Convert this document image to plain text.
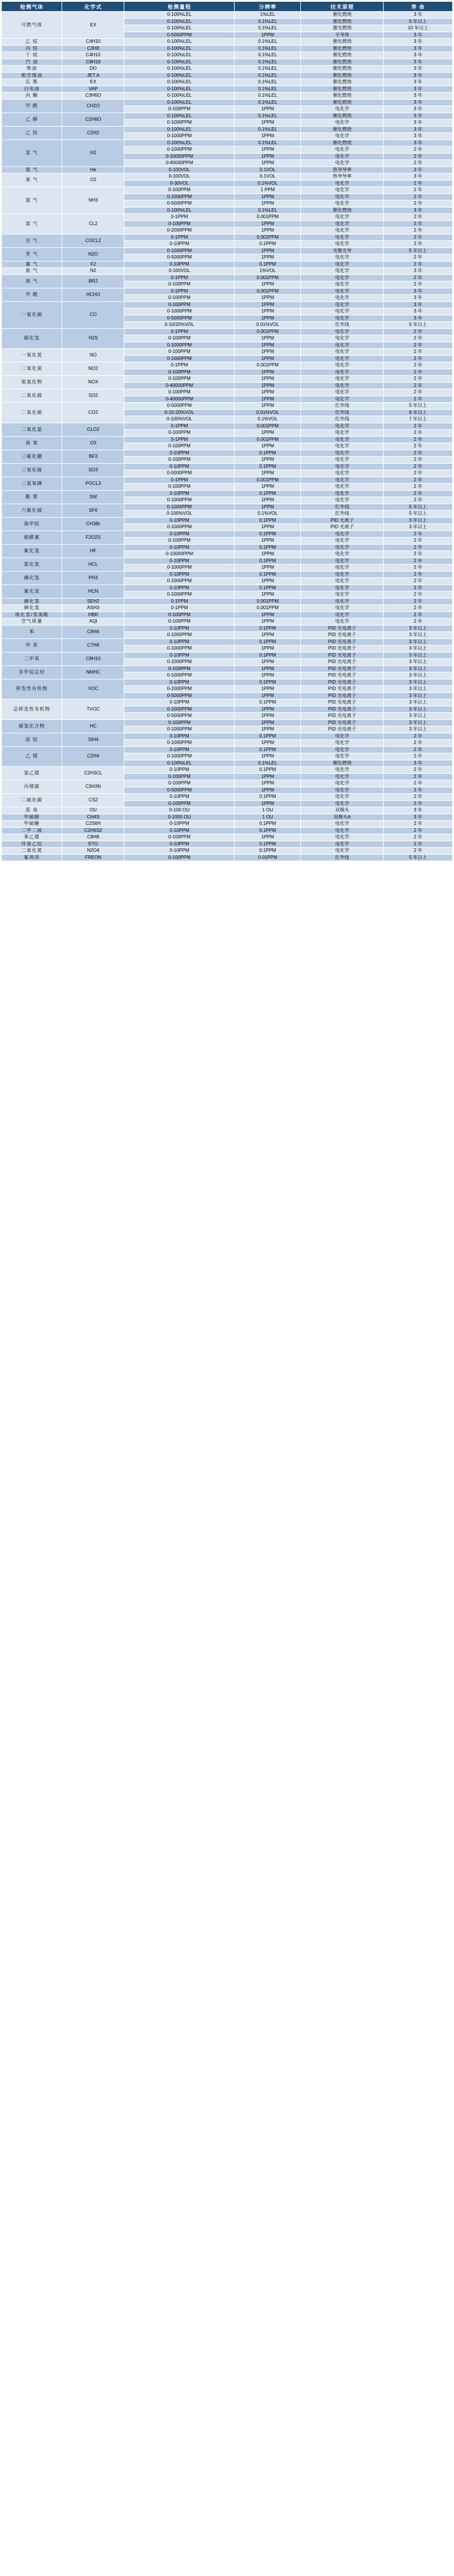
检测气体	化学式	检测量程	分辨率	技术原理	寿 命
可燃气体	EX	0-100%LEL	1%LEL	催化燃烧	3 年
		0-100%LEL	0.1%LEL	催化燃烧	5 年以上
		0-100%LEL	0.1%LEL	激光燃烧	10 年以上
		0-5000PPM	1PPM	半导体	3 年
乙 烷	C4H10	0-100%LEL	0.1%LEL	催化燃烧	3 年
丙 烷	C3H8	0-100%LEL	0.1%LEL	催化燃烧	3 年
丁 烷	C4H10	0-100%LEL	0.1%LEL	催化燃烧	3 年
汽 油	C8H18	0-100%LEL	0.1%LEL	催化燃烧	3 年
柴油	DO	0-100%LEL	0.1%LEL	催化燃烧	3 年
航空煤油	JET A	0-100%LEL	0.1%LEL	催化燃烧	3 年
瓦 斯	EX	0-100%LEL	0.1%LEL	催化燃烧	3 年
白电油	VAP	0-100%LEL	0.1%LEL	催化燃烧	3 年
丙 酮	C3H6O	0-100%LEL	0.1%LEL	催化燃烧	3 年
甲 醛	CH2O	0-100%LEL	0.1%LEL	催化燃烧	3 年
		0-100PPM	1PPM	电化学	3 年
乙 醇	C2H6O	0-100%LEL	0.1%LEL	催化燃烧	3 年
		0-1000PPM	1PPM	电化学	3 年
乙 炔	C2H2	0-100%LEL	0.1%LEL	催化燃烧	3 年
		0-1000PPM	1PPM	电化学	3 年
氢 气	H2	0-100%LEL	0.1%LEL	催化燃烧	3 年
		0-1000PPM	1PPM	电化学	2 年
		0-10000PPM	1PPM	电化学	2 年
		0-40000PPM	1PPM	电化学	2 年
氦 气	He	0-100VOL	0.1VOL	热导导率	3 年
氧 气	O2	0-100VOL	0.1VOL	热导导率	3 年
		0-30VOL	0.1%VOL	电化学	2 年
氨 气	NH3	0-100PPM	1 PPM	电化学	2 年
		0-1000PPM	1PPM	电化学	2 年
		0-5000PPM	1PPM	电化学	2 年
		0-100%LEL	0.1%LEL	催化燃烧	3 年
氯 气	CL2	0-1PPM	0.001PPM	电化学	2 年
		0-100PPM	1PPM	电化学	2 年
		0-2000PPM	1PPM	电化学	2 年
光 气	COCL2	0-1PPM	0.001PPM	电化学	2 年
		0-10PPM	0.1PPM	电化学	2 年
笑 气	N2O	0-1000PPM	1PPM	光聚光导	5 年以上
		0-5000PPM	1PPM	电化学	2 年
氟 气	F2	0-10PPM	0.1PPM	电化学	2 年
氮 气	N2	0-100VOL	1%VOL	电化学	3 年
溴 气	BR2	0-1PPM	0.001PPM	电化学	2 年
		0-100PPM	1PPM	电化学	2 年
甲 醛	HCHO	0-1PPM	0.001PPM	电化学	3 年
		0-100PPM	1PPM	电化学	3 年
一氧化碳	CO	0-100PPM	1PPM	电化学	3 年
		0-1000PPM	1PPM	电化学	3 年
		0-5000PPM	1PPM	电化学	3 年
		0-10/20%VOL	0.01%VOL	红外线	5 年以上
硫化氢	H2S	0-1PPM	0.001PPM	电化学	2 年
		0-100PPM	1PPM	电化学	2 年
		0-1000PPM	1PPM	电化学	2 年
一氧化氮	NO	0-100PPM	1PPM	电化学	2 年
		0-1000PPM	1PPM	电化学	2 年
二氧化氮	NO2	0-1PPM	0.001PPM	电化学	2 年
		0-100PPM	1PPM	电化学	2 年
氮氧化物	NOX	0-100PPM	1PPM	电化学	2 年
		0-40000PPM	1PPM	电化学	2 年
二氧化硫	SO2	0-100PPM	1PPM	电化学	2 年
		0-40000PPM	1PPM	电化学	2 年
二氧化碳	CO2	0-5000PPM	1PPM	红外线	5 年以上
		0-10-20%VOL	0.01%VOL	红外线	6 年以上
		0-100%VOL	0.1%VOL	红外线	7 年以上
二氧化氯	CLO2	0-1PPM	0.001PPM	电化学	2 年
		0-100PPM	1PPM	电化学	2 年
臭 氧	O3	0-1PPM	0.001PPM	电化学	2 年
		0-100PPM	1PPM	电化学	2 年
三氟化硼	BF3	0-10PPM	0.1PPM	电化学	2 年
		0-100PPM	1PPM	电化学	2 年
三氧化硫	SO3	0-10PPM	0.1PPM	电化学	2 年
		0-5000PPM	1PPM	电化学	2 年
三氯氧磷	POCL3	0-1PPM	0.001PPM	电化学	2 年
		0-100PPM	1PPM	电化学	2 年
酸 雾	SW	0-10PPM	0.1PPM	电化学	2 年
		0-1000PPM	1PPM	电化学	2 年
六氟化硫	SF6	0-1000PPM	1PPM	红外线	5 年以上
		0-100%VOL	0.1%VOL	红外线	5 年以上
溴甲烷	CH3Br	0-10PPM	0.1PPM	PID 光离子	3 年以上
		0-1000PPM	1PPM	PID 光离子	3 年以上
硫酰氟	F2O2S	0-10PPM	0.1PPM	电化学	2 年
		0-100PPM	1PPM	电化学	2 年
氟化氢	HF	0-10PPM	0.1PPM	电化学	2 年
		0-10000PPM	1PPM	电化学	2 年
氯化氢	HCL	0-10PPM	0.1PPM	电化学	2 年
		0-1000PPM	1PPM	电化学	2 年
磷化氢	PH3	0-10PPM	0.1PPM	电化学	2 年
		0-1000PPM	1PPM	电化学	2 年
氰化氢	HCN	0-10PPM	0.1PPM	电化学	2 年
		0-1000PPM	1PPM	电化学	2 年
硒化氢	SEH2	0-1PPM	0.001PPM	电化学	2 年
砷化氢	ASH3	0-1PPM	0.001PPM	电化学	2 年
溴化氢/氢溴酸	HBR	0-100PPM	1PPM	电化学	2 年
空气质量	AQI	0-100PPM	1PPM	电化学	2 年
苯	C6H6	0-10PPM	0.1PPM	PID 光电离子	3 年以上
		0-1000PPM	1PPM	PID 光电离子	3 年以上
甲 苯	C7H8	0-10PPM	0.1PPM	PID 光电离子	3 年以上
		0-1000PPM	1PPM	PID 光电离子	3 年以上
二甲苯	C8H10	0-10PPM	0.1PPM	PID 光电离子	3 年以上
		0-1000PPM	1PPM	PID 光电离子	3 年以上
非甲烷总烃	NMHC	0-100PPM	1PPM	PID 光电离子	3 年以上
		0-1000PPM	1PPM	PID 光电离子	3 年以上
挥发性有机物	VOC	0-10PPM	0.1PPM	PID 光电离子	3 年以上
		0-1000PPM	1PPM	PID 光电离子	3 年以上
		0-5000PPM	1PPM	PID 光电离子	3 年以上
总挥发性有机物	TVOC	0-10PPM	0.1PPM	PID 光电离子	3 年以上
		0-1000PPM	1PPM	PID 光电离子	3 年以上
		0-5000PPM	1PPM	PID 光电离子	3 年以上
碳氢化合物	HC	0-100PPM	1PPM	PID 光电离子	3 年以上
		0-1000PPM	1PPM	PID 光电离子	3 年以上
硅 烷	SIH4	0-10PPM	0.1PPM	电化学	2 年
		0-1000PPM	1PPM	电化学	2 年
乙 烯	C2H4	0-10PPM	0.1PPM	电化学	2 年
		0-1000PPM	1PPM	电化学	2 年
		0-100%LEL	0.1%LEL	催化燃烧	3 年
氯乙烯	C2H3CL	0-10PPM	0.1PPM	电化学	2 年
		0-100PPM	1PPM	电化学	2 年
丙烯腈	C3H3N	0-100PPM	1PPM	电化学	2 年
		0-5000PPM	1PPM	电化学	2 年
二硫化碳	CS2	0-10PPM	0.1PPM	电化学	2 年
		0-100PPM	1PPM	电化学	2 年
恶 臭	OU	0-100 OU	1 OU	双极头	3 年
甲硫醇	CH4S	0-1000 OU	1 OU	双极头A	3 年
甲硫醚	C2S6H	0-10PPM	0.1PPM	电化学	2 年
二甲二硫	C2H6S2	0-10PPM	0.1PPM	电化学	2 年
苯乙烯	C8H8	0-100PPM	1PPM	电化学	2 年
环氧乙烷	ETO	0-10PPM	0.1PPM	电化学	2 年
二氧化氮	N2O4	0-10PPM	0.1PPM	电化学	2 年
氟利昂	FREON	0-100PPM	0.01PPM	红外线	5 年以上
